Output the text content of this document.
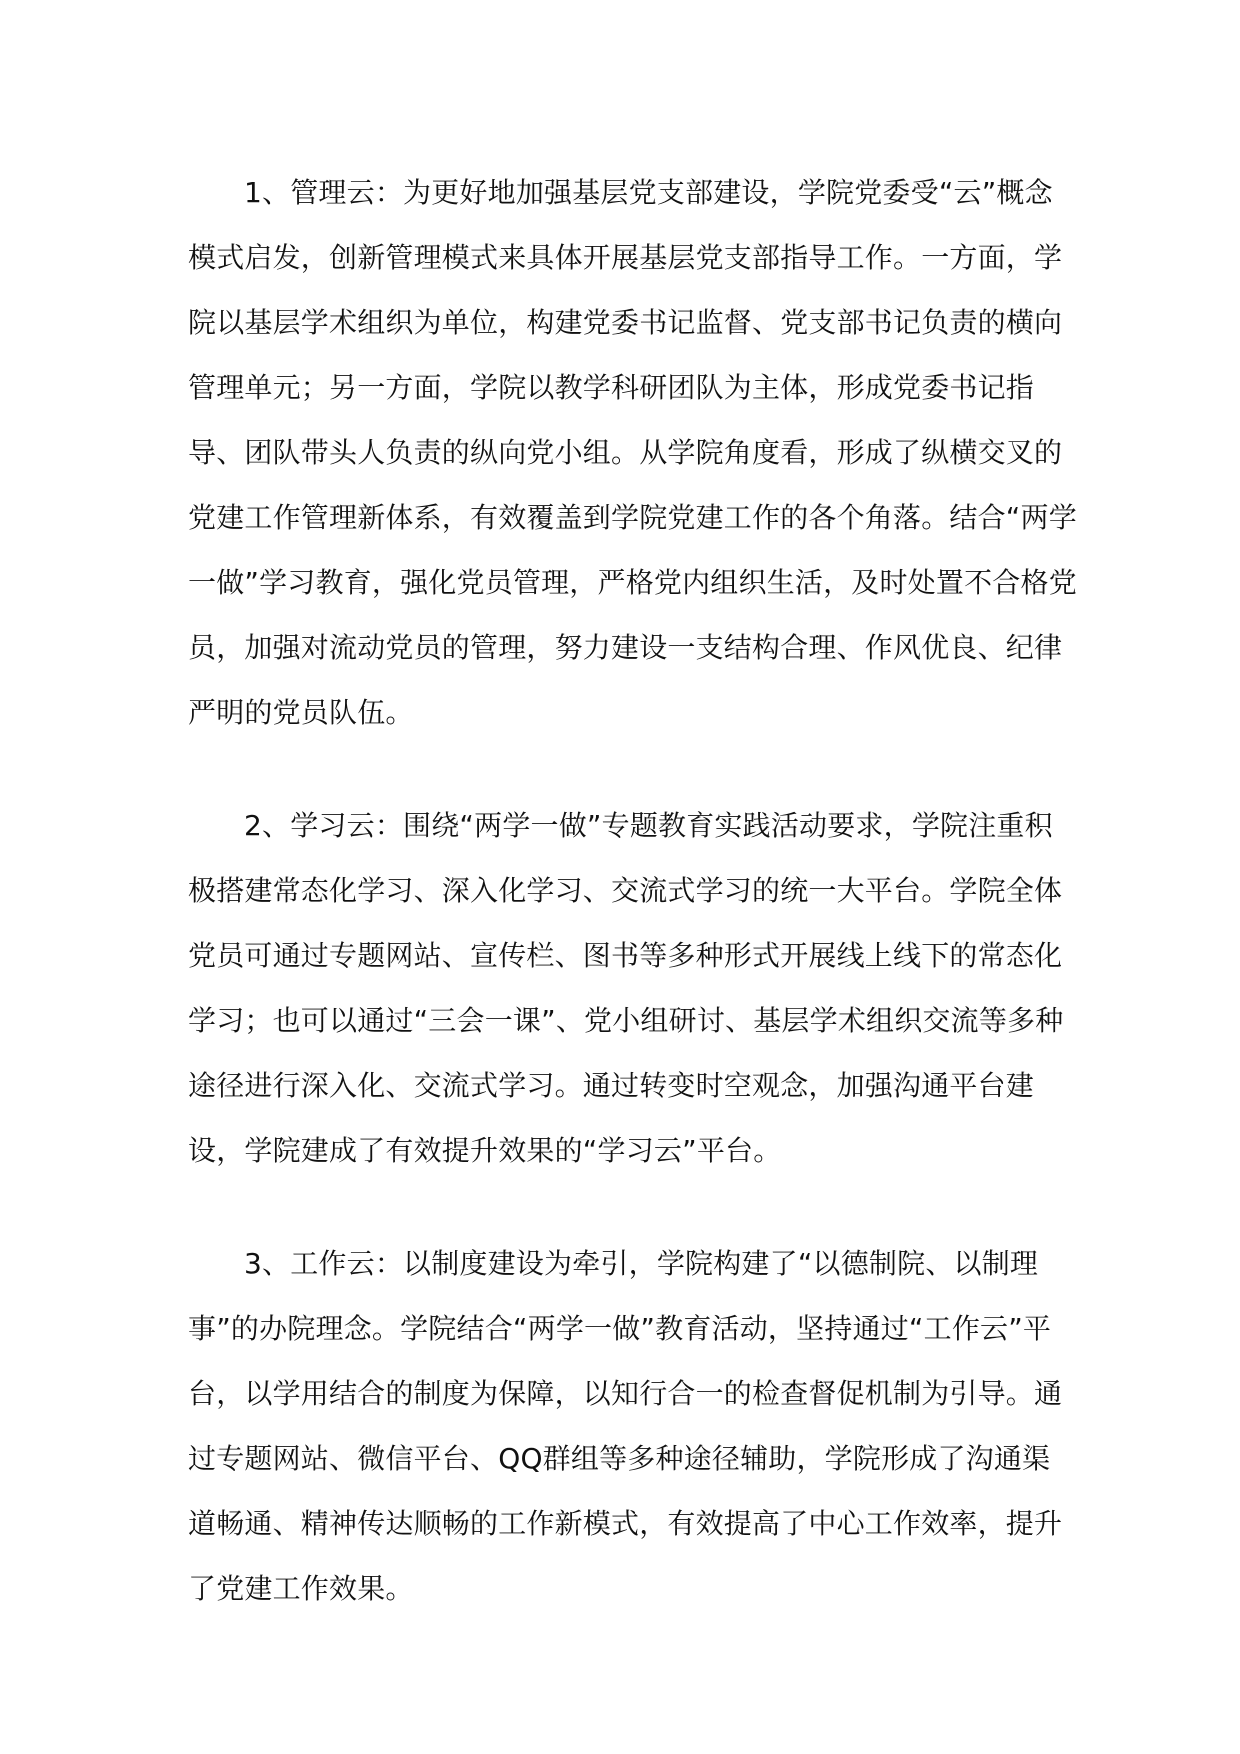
1、管理云：为更好地加强基层党支部建设，学院党委受“云”概念模式启发，创新管理模式来具体开展基层党支部指导工作。一方面，学院以基层学术组织为单位，构建党委书记监督、党支部书记负责的横向管理单元；另一方面，学院以教学科研团队为主体，形成党委书记指导、团队带头人负责的纵向党小组。从学院角度看，形成了纵横交叉的党建工作管理新体系，有效覆盖到学院党建工作的各个角落。结合“两学一做”学习教育，强化党员管理，严格党内组织生活，及时处置不合格党员，加强对流动党员的管理，努力建设一支结构合理、作风优良、纪律严明的党员队伍。

2、学习云：围绕“两学一做”专题教育实践活动要求，学院注重积极搭建常态化学习、深入化学习、交流式学习的统一大平台。学院全体党员可通过专题网站、宣传栏、图书等多种形式开展线上线下的常态化学习；也可以通过“三会一课”、党小组研讨、基层学术组织交流等多种途径进行深入化、交流式学习。通过转变时空观念，加强沟通平台建设，学院建成了有效提升效果的“学习云”平台。

3、工作云：以制度建设为牵引，学院构建了“以德制院、以制理事”的办院理念。学院结合“两学一做”教育活动，坚持通过“工作云”平台，以学用结合的制度为保障，以知行合一的检查督促机制为引导。通过专题网站、微信平台、QQ群组等多种途径辅助，学院形成了沟通渠道畅通、精神传达顺畅的工作新模式，有效提高了中心工作效率，提升了党建工作效果。
